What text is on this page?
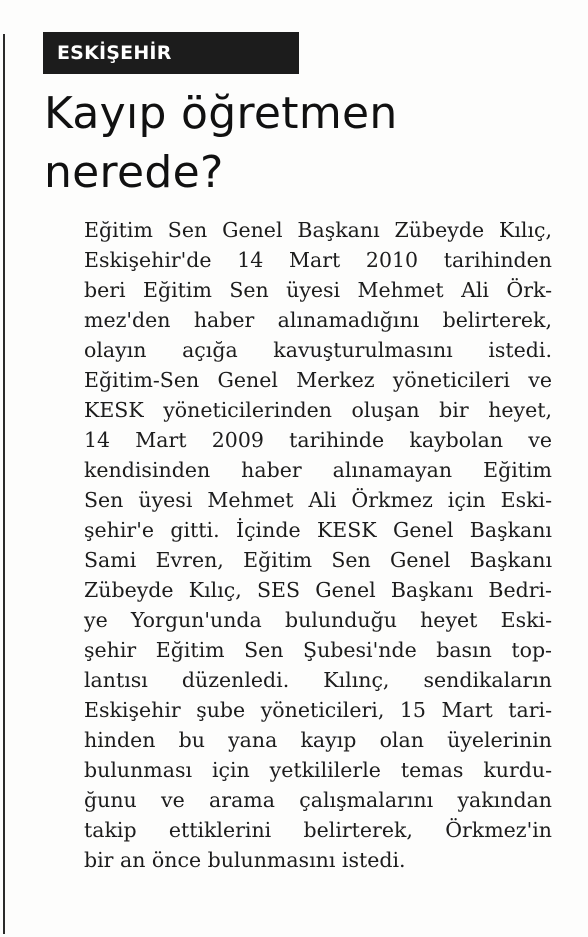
ESKİŞEHİR
Kayıp öğretmen
nerede?
Eğitim Sen Genel Başkanı Zübeyde Kılıç,
Eskişehir'de 14 Mart 2010 tarihinden
beri Eğitim Sen üyesi Mehmet Ali Örk-
mez'den haber alınamadığını belirterek,
olayın açığa kavuşturulmasını istedi.
Eğitim-Sen Genel Merkez yöneticileri ve
KESK yöneticilerinden oluşan bir heyet,
14 Mart 2009 tarihinde kaybolan ve
kendisinden haber alınamayan Eğitim
Sen üyesi Mehmet Ali Örkmez için Eski-
şehir'e gitti. İçinde KESK Genel Başkanı
Sami Evren, Eğitim Sen Genel Başkanı
Zübeyde Kılıç, SES Genel Başkanı Bedri-
ye Yorgun'unda bulunduğu heyet Eski-
şehir Eğitim Sen Şubesi'nde basın top-
lantısı düzenledi. Kılınç, sendikaların
Eskişehir şube yöneticileri, 15 Mart tari-
hinden bu yana kayıp olan üyelerinin
bulunması için yetkililerle temas kurdu-
ğunu ve arama çalışmalarını yakından
takip ettiklerini belirterek, Örkmez'in
bir an önce bulunmasını istedi.
